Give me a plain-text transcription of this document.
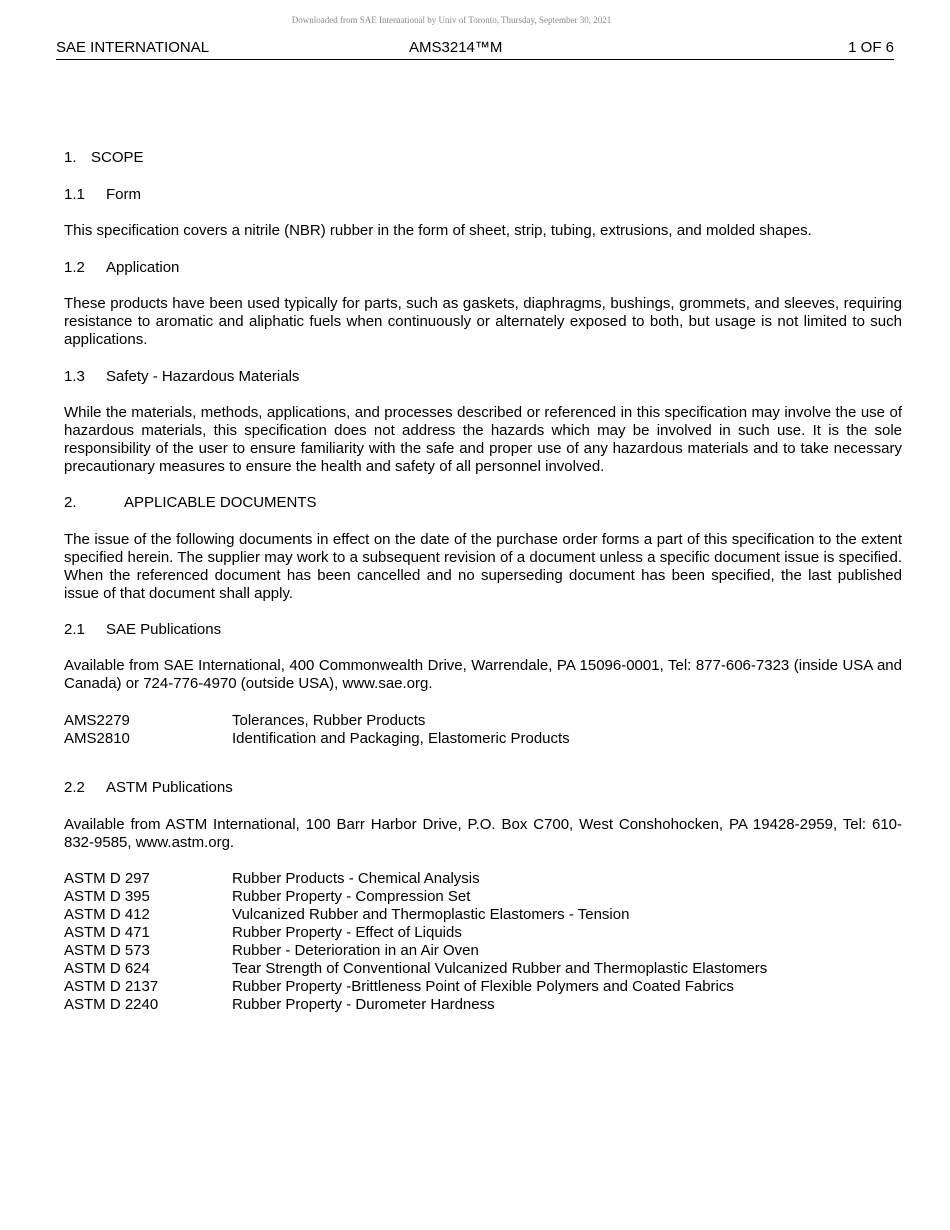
Downloaded from SAE International by Univ of Toronto, Thursday, September 30, 2021
SAE INTERNATIONAL	AMS3214™M	1 OF 6
1. SCOPE
1.1 Form

This specification covers a nitrile (NBR) rubber in the form of sheet, strip, tubing, extrusions, and molded shapes.

1.2 Application

These products have been used typically for parts, such as gaskets, diaphragms, bushings, grommets, and sleeves, requiring resistance to aromatic and aliphatic fuels when continuously or alternately exposed to both, but usage is not limited to such applications.

1.3 Safety - Hazardous Materials

While the materials, methods, applications, and processes described or referenced in this specification may involve the use of hazardous materials, this specification does not address the hazards which may be involved in such use. It is the sole responsibility of the user to ensure familiarity with the safe and proper use of any hazardous materials and to take necessary precautionary measures to ensure the health and safety of all personnel involved.

2.	APPLICABLE DOCUMENTS

The issue of the following documents in effect on the date of the purchase order forms a part of this specification to the extent specified herein. The supplier may work to a subsequent revision of a document unless a specific document issue is specified. When the referenced document has been cancelled and no superseding document has been specified, the last published issue of that document shall apply.

2.1 SAE Publications

Available from SAE International, 400 Commonwealth Drive, Warrendale, PA 15096-0001, Tel: 877-606-7323 (inside USA and Canada) or 724-776-4970 (outside USA), www.sae.org.

AMS2279	Tolerances, Rubber Products
AMS2810	Identification and Packaging, Elastomeric Products
2.2 ASTM Publications

Available from ASTM International, 100 Barr Harbor Drive, P.O. Box C700, West Conshohocken, PA 19428-2959, Tel: 610-832-9585, www.astm.org.

ASTM D 297	Rubber Products - Chemical Analysis
ASTM D 395	Rubber Property - Compression Set
ASTM D 412	Vulcanized Rubber and Thermoplastic Elastomers - Tension
ASTM D 471	Rubber Property - Effect of Liquids
ASTM D 573	Rubber - Deterioration in an Air Oven
ASTM D 624	Tear Strength of Conventional Vulcanized Rubber and Thermoplastic Elastomers
ASTM D 2137	Rubber Property -Brittleness Point of Flexible Polymers and Coated Fabrics
ASTM D 2240	Rubber Property - Durometer Hardness
